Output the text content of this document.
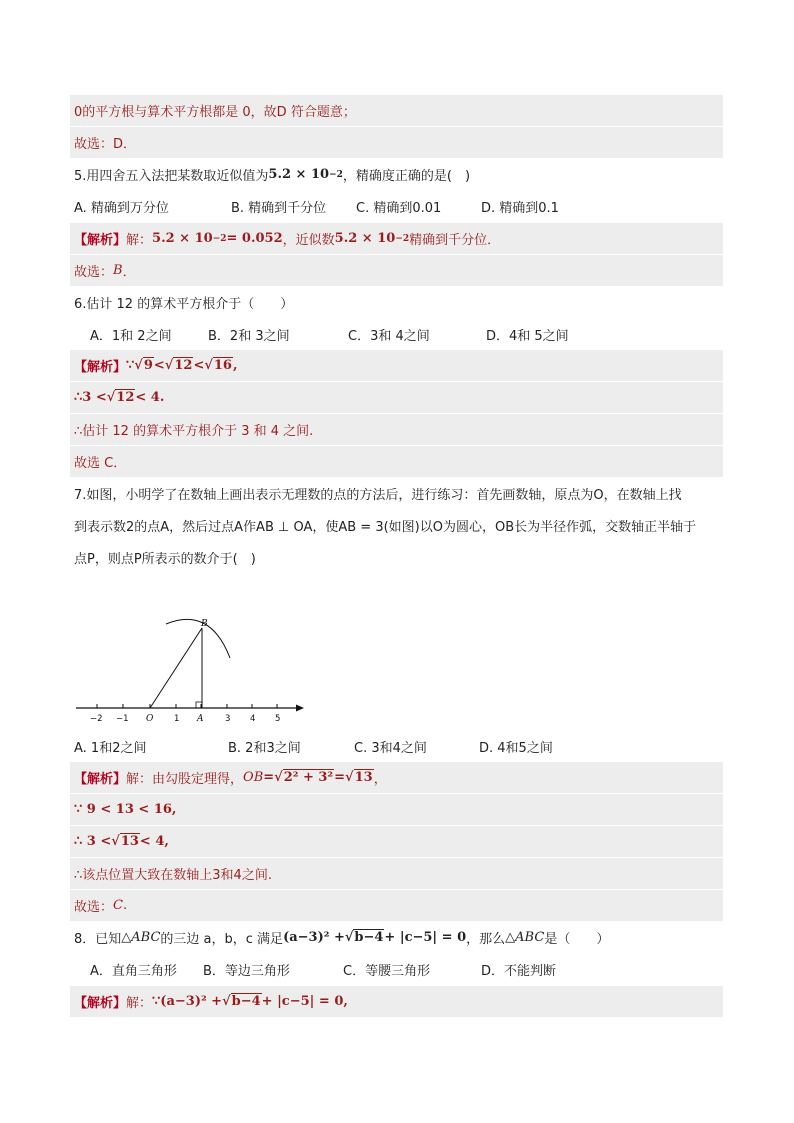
0的平方根与算术平方根都是 0，故D 符合题意；
故选：D．
5.用四舍五入法把某数取近似值为 5.2 × 10 −2 ，精确度正确的是(　)
A. 精确到万分位	B. 精确到千分位	C. 精确到0.01	D. 精确到0.1
【解析】 解： 5.2 × 10 −2 = 0.052 ，近似数 5.2 × 10 −2 精确到千分位．
故选： B ．
6.估计 12 的算术平方根介于（　　）
A．1和 2之间	B．2和 3之间	C．3和 4之间	D．4和 5之间
【解析】 ∵ √9 < √12 < √16 ,
∴3 < √12 < 4.
∴估计 12 的算术平方根介于 3 和 4 之间.
故选 C．
7.如图，小明学了在数轴上画出表示无理数的点的方法后，进行练习：首先画数轴，原点为O，在数轴上找
到表示数2的点A，然后过点A作AB ⊥ OA，使AB = 3(如图)以O为圆心，OB长为半径作弧，交数轴正半轴于
点P，则点P所表示的数介于(　)
B
O	A
−2 −1	1	3 4 5
A. 1和2之间	B. 2和3之间	C. 3和4之间	D. 4和5之间
【解析】 解：由勾股定理得， OB = √2² + 3² = √13 ，
∵ 9 < 13 < 16,
∴ 3 < √13 < 4,
∴该点位置大致在数轴上3和4之间.
故选： C .
8．已知 △ABC 的三边 a，b，c 满足 (a−3)² + √b−4 + |c−5| = 0 ，那么 △ABC 是（　　）
A．直角三角形	B．等边三角形	C．等腰三角形	D．不能判断
【解析】 解： ∵(a−3)² + √b−4 + |c−5| = 0,
